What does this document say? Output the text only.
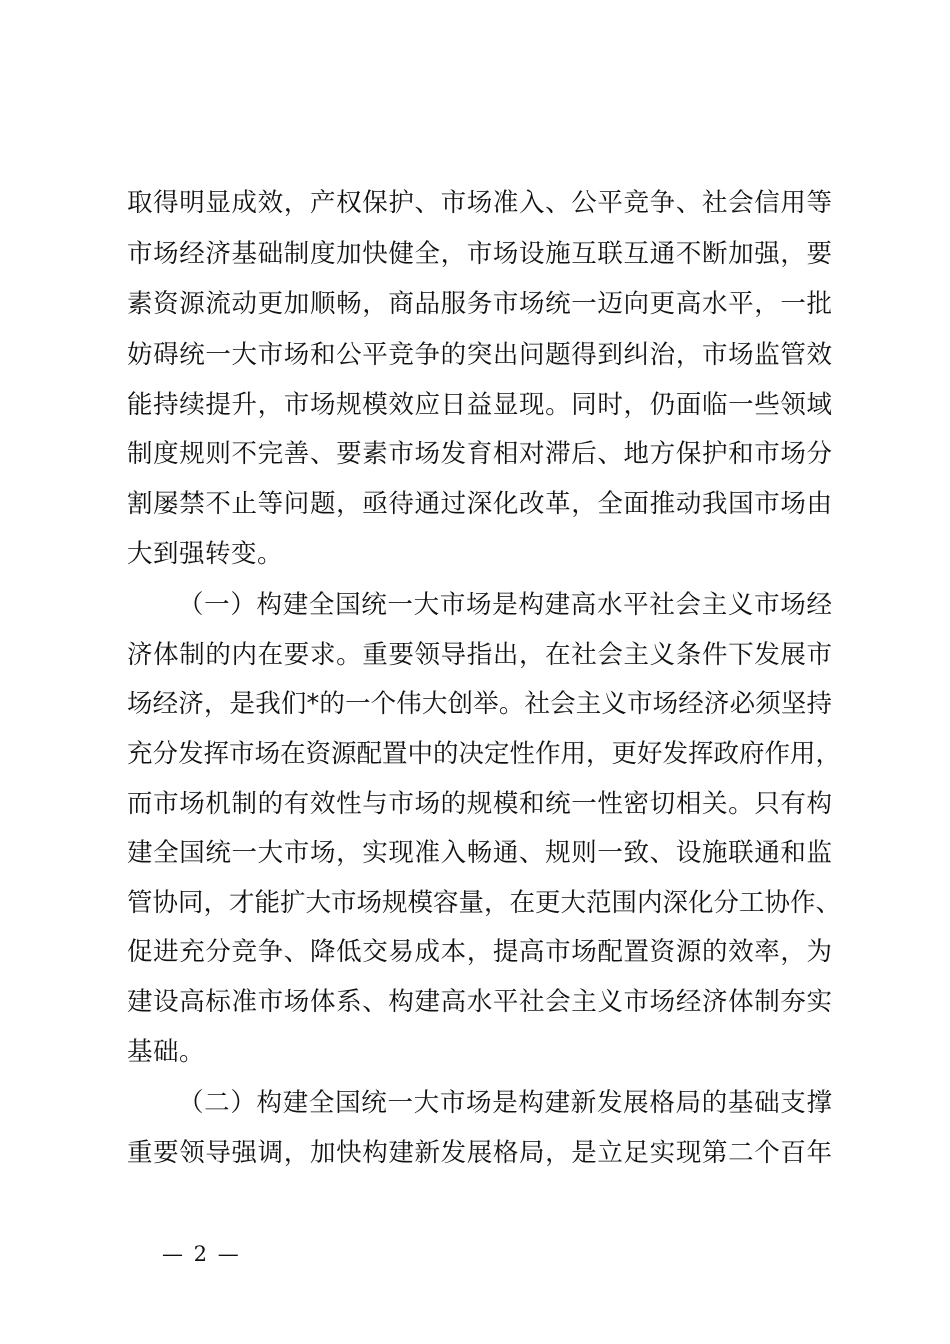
取得明显成效，产权保护、市场准入、公平竞争、社会信用等
市场经济基础制度加快健全，市场设施互联互通不断加强，要
素资源流动更加顺畅，商品服务市场统一迈向更高水平，一批
妨碍统一大市场和公平竞争的突出问题得到纠治，市场监管效
能持续提升，市场规模效应日益显现。同时，仍面临一些领域
制度规则不完善、要素市场发育相对滞后、地方保护和市场分
割屡禁不止等问题，亟待通过深化改革，全面推动我国市场由
大到强转变。
（一）构建全国统一大市场是构建高水平社会主义市场经
济体制的内在要求。重要领导指出，在社会主义条件下发展市
场经济，是我们*的一个伟大创举。社会主义市场经济必须坚持
充分发挥市场在资源配置中的决定性作用，更好发挥政府作用，
而市场机制的有效性与市场的规模和统一性密切相关。只有构
建全国统一大市场，实现准入畅通、规则一致、设施联通和监
管协同，才能扩大市场规模容量，在更大范围内深化分工协作、
促进充分竞争、降低交易成本，提高市场配置资源的效率，为
建设高标准市场体系、构建高水平社会主义市场经济体制夯实
基础。
（二）构建全国统一大市场是构建新发展格局的基础支撑
重要领导强调，加快构建新发展格局，是立足实现第二个百年
— 2 —
